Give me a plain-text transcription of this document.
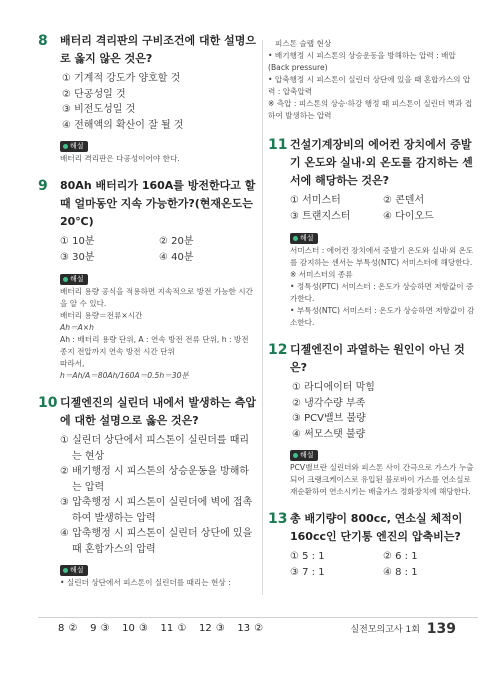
8 배터리 격리판의 구비조건에 대한 설명으로 옳지 않은 것은?
① 기계적 강도가 양호할 것
② 단공성일 것
③ 비전도성일 것
④ 전해액의 확산이 잘 될 것
해설
배터리 격리판은 다공성이어야 한다.
9 80Ah 배터리가 160A를 방전한다고 할 때 얼마동안 지속 가능한가?(현재온도는 20℃)
① 10분	② 20분
③ 30분	④ 40분
해설
배터리 용량 공식을 적용하면 지속적으로 방전 가능한 시간을 알 수 있다.
배터리 용량＝전류×시간
Ah＝A×h
Ah : 배터리 용량 단위, A : 연속 방전 전류 단위, h : 방전 종지 전압까지 연속 방전 시간 단위
따라서,
h＝Ah/A＝80Ah/160A＝0.5h＝30분
10 디젤엔진의 실린더 내에서 발생하는 측압에 대한 설명으로 옳은 것은?
① 실린더 상단에서 피스톤이 실린더를 때리는 현상
② 배기행정 시 피스톤의 상승운동을 방해하는 압력
③ 압축행정 시 피스톤이 실린더에 벽에 접촉하여 발생하는 압력
④ 압축행정 시 피스톤이 실린더 상단에 있을 때 혼합가스의 압력
해설
• 실린더 상단에서 피스톤이 실린더를 때리는 현상 :
피스톤 슬랩 현상
• 배기행정 시 피스톤의 상승운동을 방해하는 압력 : 배압(Back pressure)
• 압축행정 시 피스톤이 실린더 상단에 있을 때 혼합가스의 압력 : 압축압력
※ 측압 : 피스톤의 상승·하강 행정 때 피스톤이 실린더 벽과 접하여 발생하는 압력
11 건설기계장비의 에어컨 장치에서 증발기 온도와 실내·외 온도를 감지하는 센서에 해당하는 것은?
① 서미스터	② 콘덴서
③ 트랜지스터	④ 다이오드
해설
서미스터 : 에어컨 장치에서 증발기 온도와 실내·외 온도를 감지하는 센서는 부특성(NTC) 서미스터에 해당한다.
※ 서미스터의 종류
• 정특성(PTC) 서미스터 : 온도가 상승하면 저항값이 증가한다.
• 부특성(NTC) 서미스터 : 온도가 상승하면 저항값이 감소한다.
12 디젤엔진이 과열하는 원인이 아닌 것은?
① 라디에이터 막힘
② 냉각수량 부족
③ PCV밸브 불량
④ 써모스탯 불량
해설
PCV밸브란 실린더와 피스톤 사이 간극으로 가스가 누출되어 크랭크케이스로 유입된 블로바이 가스를 연소실로 재순환하여 연소시키는 배출가스 정화장치에 해당한다.
13 총 배기량이 800cc, 연소실 체적이 160cc인 단기통 엔진의 압축비는?
① 5 : 1	② 6 : 1
③ 7 : 1	④ 8 : 1
8 ② 9 ③ 10 ③ 11 ① 12 ③ 13 ②	실전모의고사 1회 139
